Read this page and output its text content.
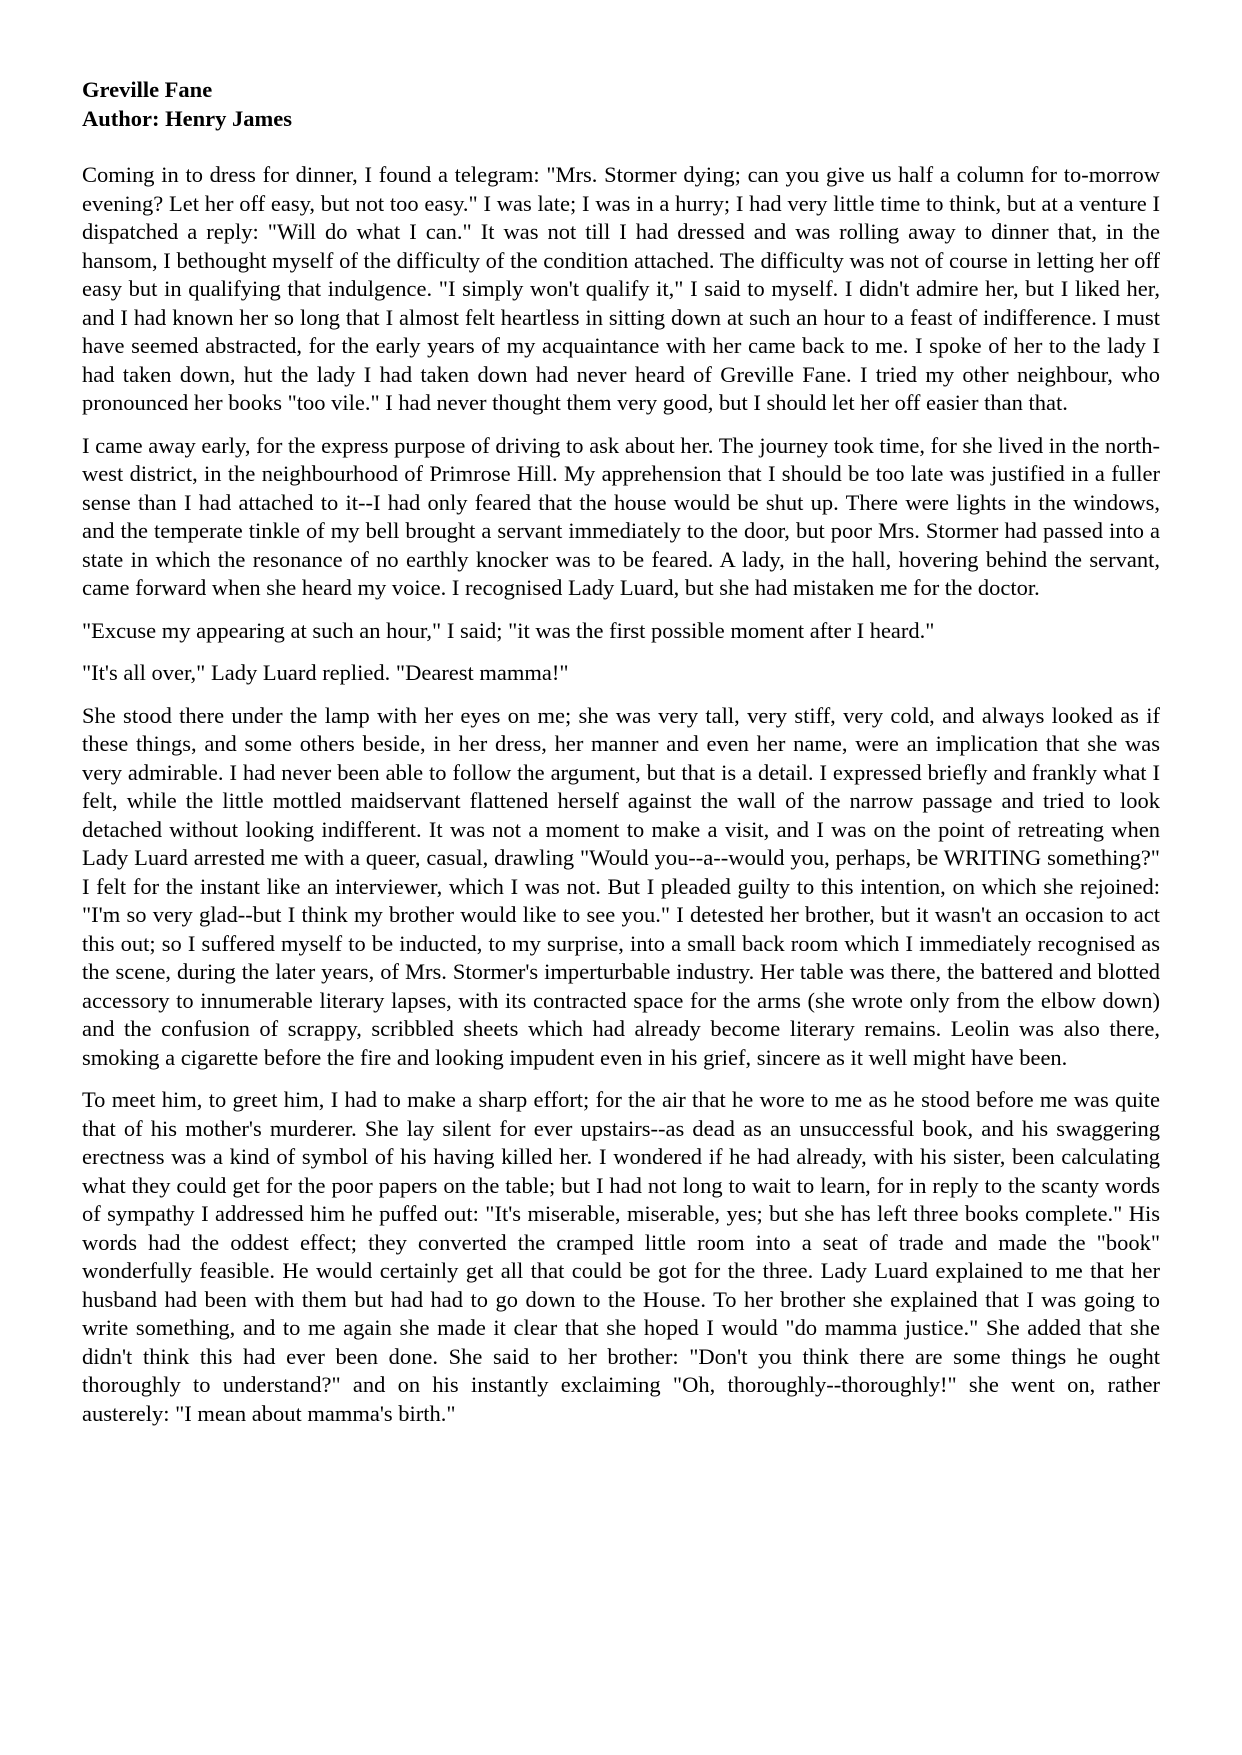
Greville Fane

Author: Henry James

Coming in to dress for dinner, I found a telegram: "Mrs. Stormer dying; can you give us half a column for to-morrow evening? Let her off easy, but not too easy." I was late; I was in a hurry; I had very little time to think, but at a venture I dispatched a reply: "Will do what I can." It was not till I had dressed and was rolling away to dinner that, in the hansom, I bethought myself of the difficulty of the condition attached. The difficulty was not of course in letting her off easy but in qualifying that indulgence. "I simply won't qualify it," I said to myself. I didn't admire her, but I liked her, and I had known her so long that I almost felt heartless in sitting down at such an hour to a feast of indifference. I must have seemed abstracted, for the early years of my acquaintance with her came back to me. I spoke of her to the lady I had taken down, hut the lady I had taken down had never heard of Greville Fane. I tried my other neighbour, who pronounced her books "too vile." I had never thought them very good, but I should let her off easier than that.

I came away early, for the express purpose of driving to ask about her. The journey took time, for she lived in the north-west district, in the neighbourhood of Primrose Hill. My apprehension that I should be too late was justified in a fuller sense than I had attached to it--I had only feared that the house would be shut up. There were lights in the windows, and the temperate tinkle of my bell brought a servant immediately to the door, but poor Mrs. Stormer had passed into a state in which the resonance of no earthly knocker was to be feared. A lady, in the hall, hovering behind the servant, came forward when she heard my voice. I recognised Lady Luard, but she had mistaken me for the doctor.

"Excuse my appearing at such an hour," I said; "it was the first possible moment after I heard."

"It's all over," Lady Luard replied. "Dearest mamma!"

She stood there under the lamp with her eyes on me; she was very tall, very stiff, very cold, and always looked as if these things, and some others beside, in her dress, her manner and even her name, were an implication that she was very admirable. I had never been able to follow the argument, but that is a detail. I expressed briefly and frankly what I felt, while the little mottled maidservant flattened herself against the wall of the narrow passage and tried to look detached without looking indifferent. It was not a moment to make a visit, and I was on the point of retreating when Lady Luard arrested me with a queer, casual, drawling "Would you--a--would you, perhaps, be WRITING something?" I felt for the instant like an interviewer, which I was not. But I pleaded guilty to this intention, on which she rejoined: "I'm so very glad--but I think my brother would like to see you." I detested her brother, but it wasn't an occasion to act this out; so I suffered myself to be inducted, to my surprise, into a small back room which I immediately recognised as the scene, during the later years, of Mrs. Stormer's imperturbable industry. Her table was there, the battered and blotted accessory to innumerable literary lapses, with its contracted space for the arms (she wrote only from the elbow down) and the confusion of scrappy, scribbled sheets which had already become literary remains. Leolin was also there, smoking a cigarette before the fire and looking impudent even in his grief, sincere as it well might have been.

To meet him, to greet him, I had to make a sharp effort; for the air that he wore to me as he stood before me was quite that of his mother's murderer. She lay silent for ever upstairs--as dead as an unsuccessful book, and his swaggering erectness was a kind of symbol of his having killed her. I wondered if he had already, with his sister, been calculating what they could get for the poor papers on the table; but I had not long to wait to learn, for in reply to the scanty words of sympathy I addressed him he puffed out: "It's miserable, miserable, yes; but she has left three books complete." His words had the oddest effect; they converted the cramped little room into a seat of trade and made the "book" wonderfully feasible. He would certainly get all that could be got for the three. Lady Luard explained to me that her husband had been with them but had had to go down to the House. To her brother she explained that I was going to write something, and to me again she made it clear that she hoped I would "do mamma justice." She added that she didn't think this had ever been done. She said to her brother: "Don't you think there are some things he ought thoroughly to understand?" and on his instantly exclaiming "Oh, thoroughly--thoroughly!" she went on, rather austerely: "I mean about mamma's birth."
